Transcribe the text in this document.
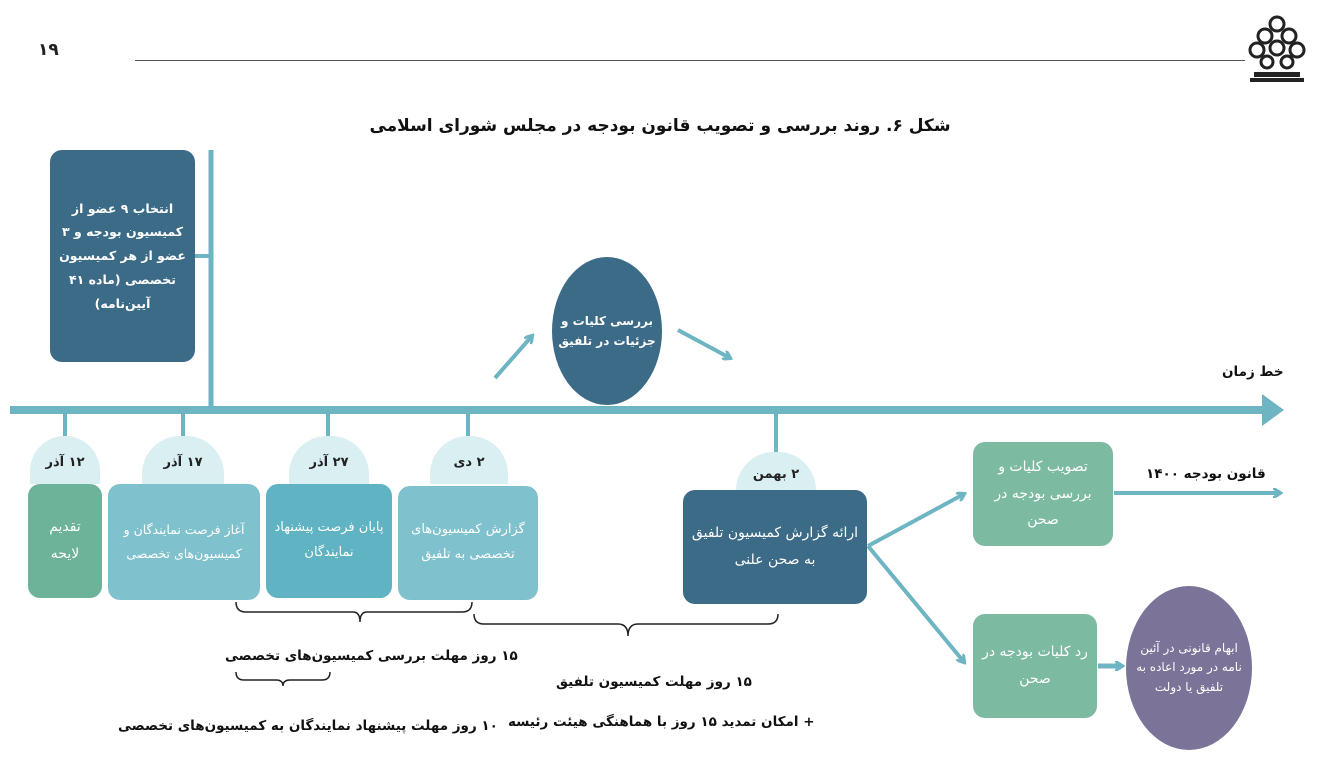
۱۹
شکل ۶. روند بررسی و تصویب قانون بودجه در مجلس شورای اسلامی
انتخاب ۹ عضو از کمیسیون بودجه و ۳ عضو از هر کمیسیون تخصصی (ماده ۴۱ آیین‌نامه)
بررسی کلیات و جزئیات در تلفیق
خط زمان
۱۲ آذر	۱۷ آذر	۲۷ آذر	۲ دی
۲ بهمن
تقدیم لایحه
آغاز فرصت نمایندگان و کمیسیون‌های تخصصی
پایان فرصت پیشنهاد نمایندگان
گزارش کمیسیون‌های تخصصی به تلفیق
ارائه گزارش کمیسیون تلفیق به صحن علنی
تصویب کلیات و بررسی بودجه در صحن
رد کلیات بودجه در صحن
ابهام قانونی در آئین نامه در مورد اعاده به تلفیق یا دولت
قانون بودجه ۱۴۰۰
۱۵ روز مهلت بررسی کمیسیون‌های تخصصی
۱۰ روز مهلت پیشنهاد نمایندگان به کمیسیون‌های تخصصی
۱۵ روز مهلت کمیسیون تلفیق
+ امکان تمدید ۱۵ روز با هماهنگی هیئت رئیسه
